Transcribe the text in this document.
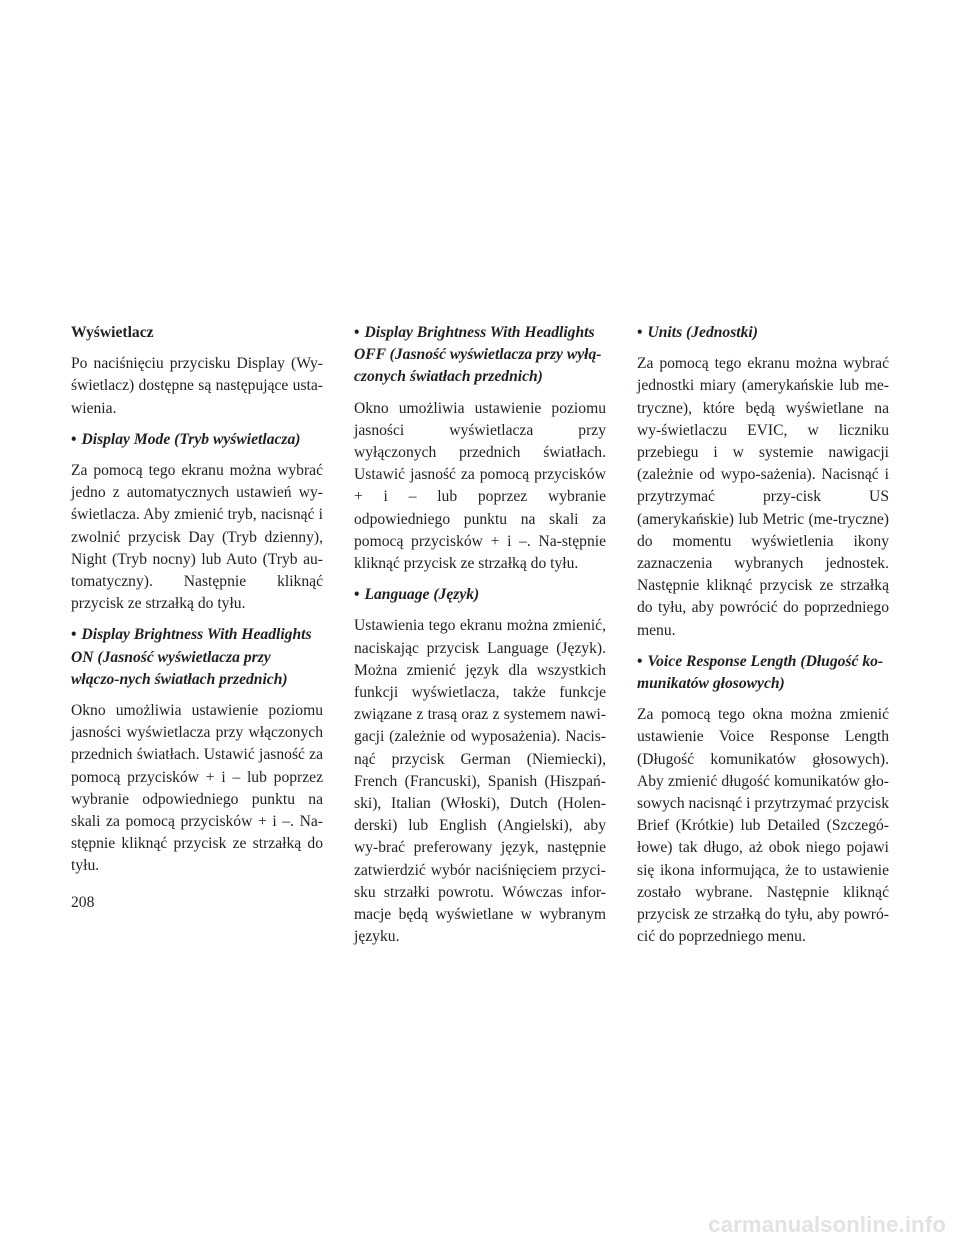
Wyświetlacz

Po naciśnięciu przycisku Display (Wy-świetlacz) dostępne są następujące usta-wienia.

• Display Mode (Tryb wyświetlacza)

Za pomocą tego ekranu można wybrać jedno z automatycznych ustawień wy-świetlacza. Aby zmienić tryb, nacisnąć i zwolnić przycisk Day (Tryb dzienny), Night (Tryb nocny) lub Auto (Tryb au-tomatyczny). Następnie kliknąć przycisk ze strzałką do tyłu.

• Display Brightness With Headlights ON (Jasność wyświetlacza przy włączo-nych światłach przednich)

Okno umożliwia ustawienie poziomu jasności wyświetlacza przy włączonych przednich światłach. Ustawić jasność za pomocą przycisków + i – lub poprzez wybranie odpowiedniego punktu na skali za pomocą przycisków + i –. Na-stępnie kliknąć przycisk ze strzałką do tyłu.

• Display Brightness With Headlights OFF (Jasność wyświetlacza przy wyłą-czonych światłach przednich)

Okno umożliwia ustawienie poziomu jasności wyświetlacza przy wyłączonych przednich światłach. Ustawić jasność za pomocą przycisków + i – lub poprzez wybranie odpowiedniego punktu na skali za pomocą przycisków + i –. Na-stępnie kliknąć przycisk ze strzałką do tyłu.

• Language (Język)

Ustawienia tego ekranu można zmienić, naciskając przycisk Language (Język). Można zmienić język dla wszystkich funkcji wyświetlacza, także funkcje związane z trasą oraz z systemem nawi-gacji (zależnie od wyposażenia). Nacis-nąć przycisk German (Niemiecki), French (Francuski), Spanish (Hiszpań-ski), Italian (Włoski), Dutch (Holen-derski) lub English (Angielski), aby wy-brać preferowany język, następnie zatwierdzić wybór naciśnięciem przyci-sku strzałki powrotu. Wówczas infor-macje będą wyświetlane w wybranym języku.

• Units (Jednostki)

Za pomocą tego ekranu można wybrać jednostki miary (amerykańskie lub me-tryczne), które będą wyświetlane na wy-świetlaczu EVIC, w liczniku przebiegu i w systemie nawigacji (zależnie od wypo-sażenia). Nacisnąć i przytrzymać przy-cisk US (amerykańskie) lub Metric (me-tryczne) do momentu wyświetlenia ikony zaznaczenia wybranych jednostek. Następnie kliknąć przycisk ze strzałką do tyłu, aby powrócić do poprzedniego menu.

• Voice Response Length (Długość ko-munikatów głosowych)

Za pomocą tego okna można zmienić ustawienie Voice Response Length (Długość komunikatów głosowych). Aby zmienić długość komunikatów gło-sowych nacisnąć i przytrzymać przycisk Brief (Krótkie) lub Detailed (Szczegó-łowe) tak długo, aż obok niego pojawi się ikona informująca, że to ustawienie zostało wybrane. Następnie kliknąć przycisk ze strzałką do tyłu, aby powró-cić do poprzedniego menu.

208
carmanualsonline.info
